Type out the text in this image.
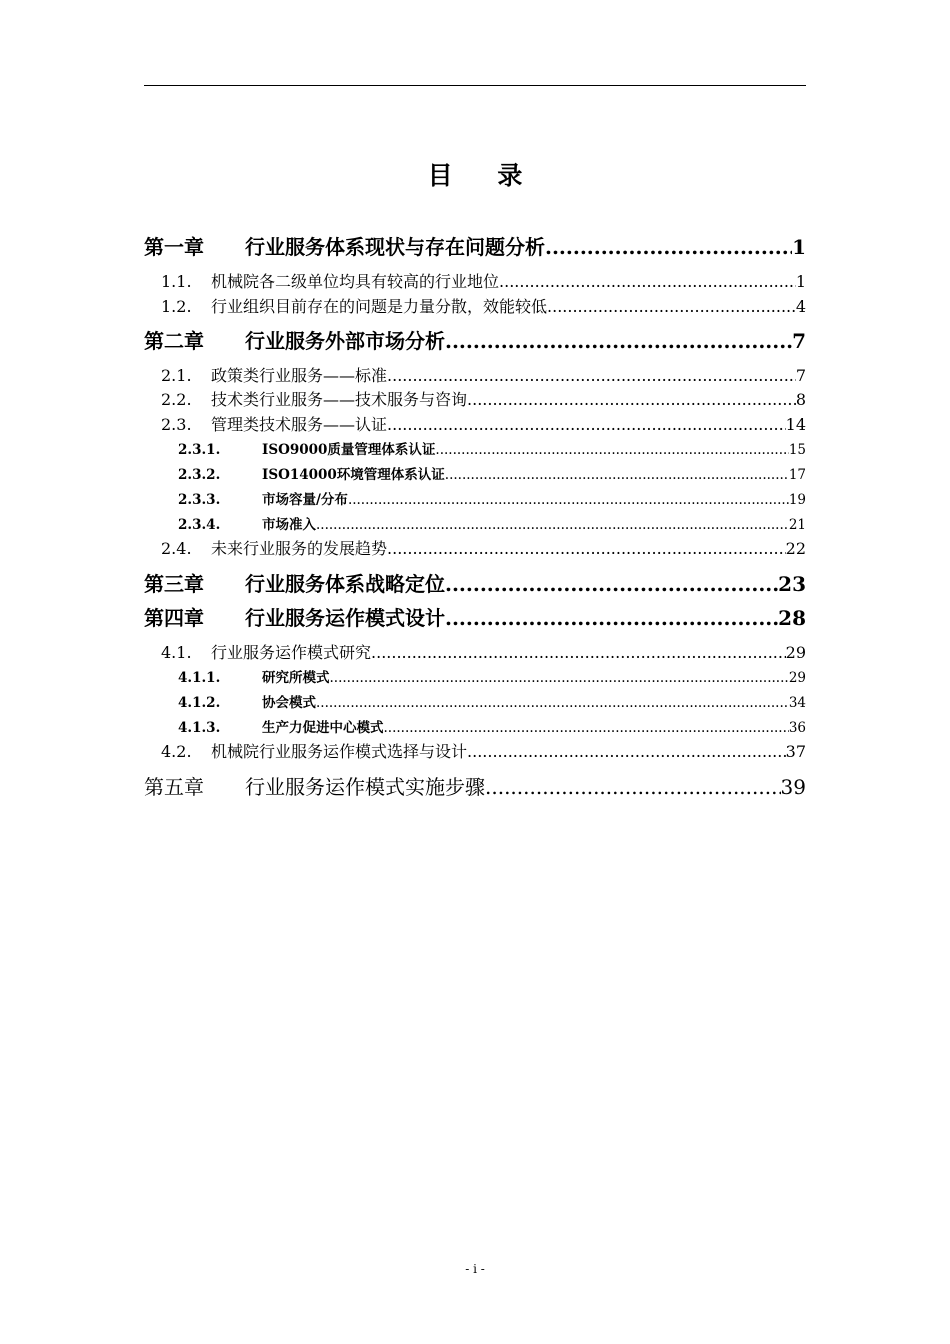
目 录
第一章	行业服务体系现状与存在问题分析 .....	1
1.1.	机械院各二级单位均具有较高的行业地位 .....	1
1.2.	行业组织目前存在的问题是力量分散，效能较低 .....	4
第二章	行业服务外部市场分析 .....	7
2.1.	政策类行业服务——标准 .....	7
2.2.	技术类行业服务——技术服务与咨询 .....	8
2.3.	管理类技术服务——认证 .....	14
2.3.1.	ISO9000质量管理体系认证 .....	15
2.3.2.	ISO14000环境管理体系认证 .....	17
2.3.3.	市场容量/分布 .....	19
2.3.4.	市场准入 .....	21
2.4.	未来行业服务的发展趋势 .....	22
第三章	行业服务体系战略定位 .....	23
第四章	行业服务运作模式设计 .....	28
4.1.	行业服务运作模式研究 .....	29
4.1.1.	研究所模式 .....	29
4.1.2.	协会模式 .....	34
4.1.3.	生产力促进中心模式 .....	36
4.2.	机械院行业服务运作模式选择与设计 .....	37
第五章	行业服务运作模式实施步骤 .....	39
- i -
